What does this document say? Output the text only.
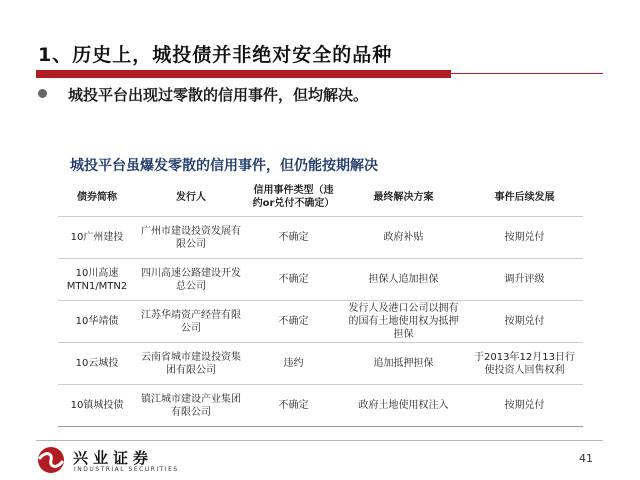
1、历史上，城投债并非绝对安全的品种
城投平台出现过零散的信用事件，但均解决。
城投平台虽爆发零散的信用事件，但仍能按期解决
债券简称	发行人	信用事件类型（违约or兑付不确定）	最终解决方案	事件后续发展
10广州建投	广州市建设投资发展有限公司	不确定	政府补贴	按期兑付
10川高速MTN1/MTN2	四川高速公路建设开发总公司	不确定	担保人追加担保	调升评级
10华靖债	江苏华靖资产经营有限公司	不确定	发行人及港口公司以拥有的国有土地使用权为抵押担保	按期兑付
10云城投	云南省城市建设投资集团有限公司	违约	追加抵押担保	于2013年12月13日行使投资人回售权利
10镇城投债	镇江城市建设产业集团有限公司	不确定	政府土地使用权注入	按期兑付
兴业证券
INDUSTRIAL SECURITIES
41
